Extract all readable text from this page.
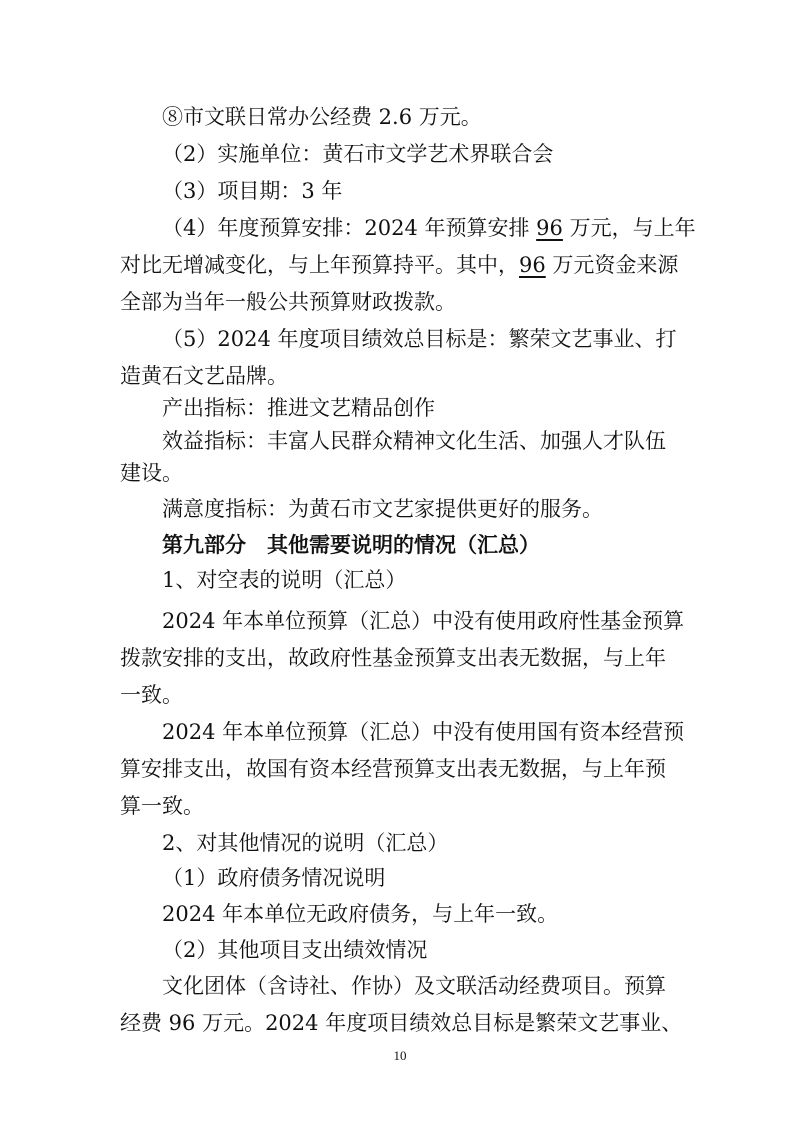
⑧市文联日常办公经费 2.6 万元。
（2）实施单位：黄石市文学艺术界联合会
（3）项目期：3 年
（4）年度预算安排：2024 年预算安排 96 万元，与上年
对比无增减变化，与上年预算持平。其中，96 万元资金来源
全部为当年一般公共预算财政拨款。
（5）2024 年度项目绩效总目标是：繁荣文艺事业、打
造黄石文艺品牌。
产出指标：推进文艺精品创作
效益指标：丰富人民群众精神文化生活、加强人才队伍
建设。
满意度指标：为黄石市文艺家提供更好的服务。
第九部分　其他需要说明的情况（汇总）
1、对空表的说明（汇总）
2024 年本单位预算（汇总）中没有使用政府性基金预算
拨款安排的支出，故政府性基金预算支出表无数据，与上年
一致。
2024 年本单位预算（汇总）中没有使用国有资本经营预
算安排支出，故国有资本经营预算支出表无数据，与上年预
算一致。
2、对其他情况的说明（汇总）
（1）政府债务情况说明
2024 年本单位无政府债务，与上年一致。
（2）其他项目支出绩效情况
文化团体（含诗社、作协）及文联活动经费项目。预算
经费 96 万元。2024 年度项目绩效总目标是繁荣文艺事业、
10
